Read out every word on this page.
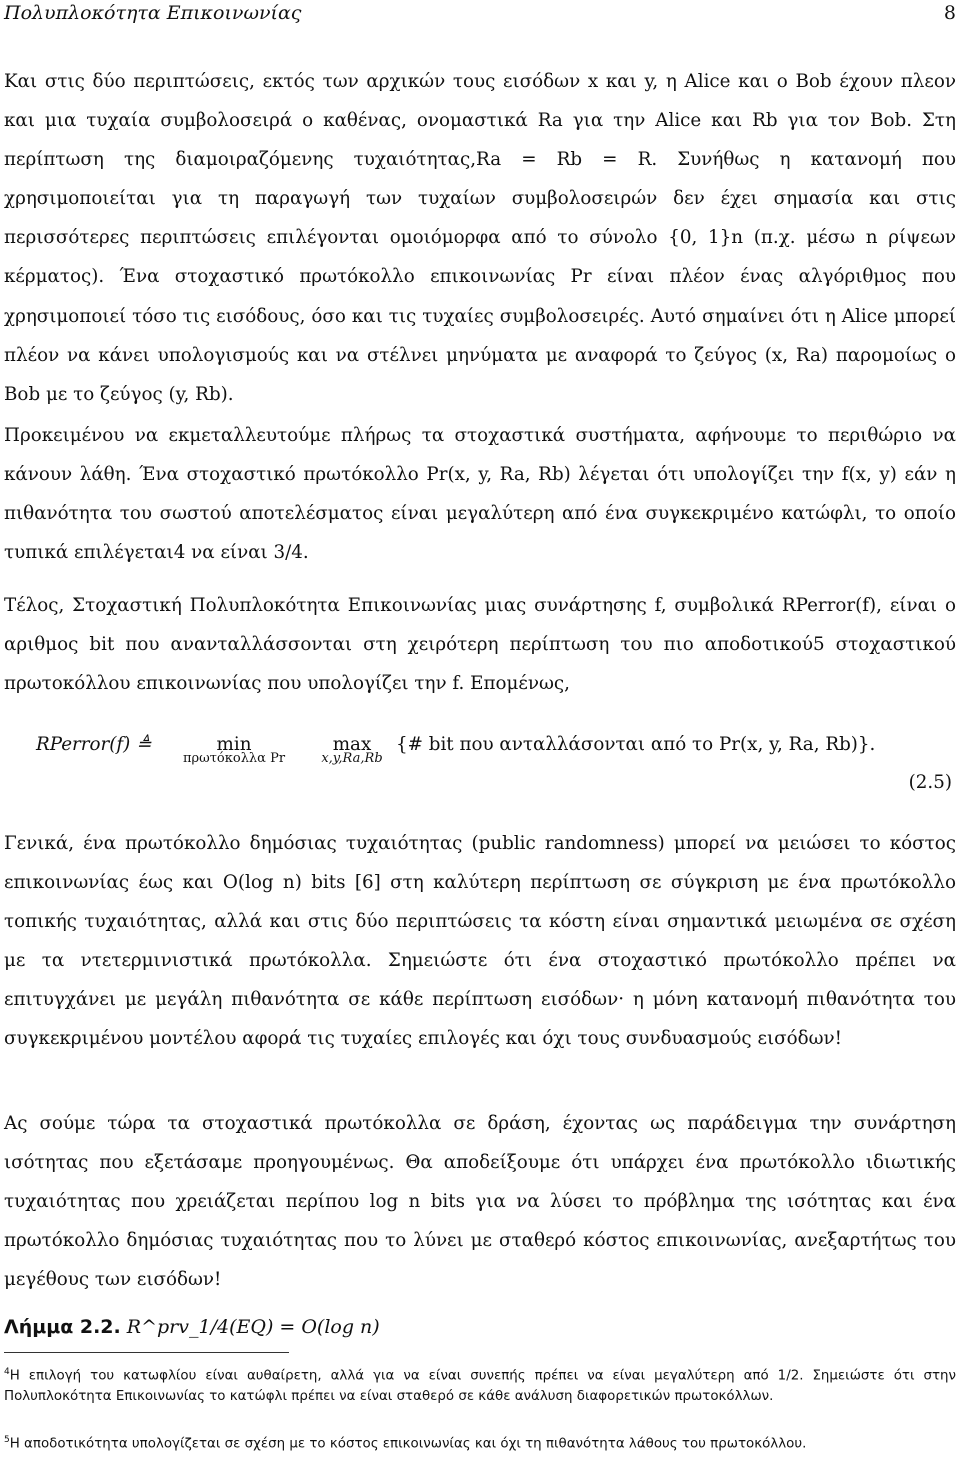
Πολυπλοκότητα Επικοινωνίας	8
Και στις δύο περιπτώσεις, εκτός των αρχικών τους εισόδων x και y, η Alice και ο Bob έχουν πλεον και μια τυχαία συμβολοσειρά ο καθένας, ονομαστικά Ra για την Alice και Rb για τον Bob. Στη περίπτωση της διαμοιραζόμενης τυχαιότητας,Ra = Rb = R. Συνήθως η κατανομή που χρησιμοποιείται για τη παραγωγή των τυχαίων συμβολοσειρών δεν έχει σημασία και στις περισσότερες περιπτώσεις επιλέγονται ομοιόμορφα από το σύνολο {0, 1}n (π.χ. μέσω n ρίψεων κέρματος). Ένα στοχαστικό πρωτόκολλο επικοινωνίας Pr είναι πλέον ένας αλγόριθμος που χρησιμοποιεί τόσο τις εισόδους, όσο και τις τυχαίες συμβολοσειρές. Αυτό σημαίνει ότι η Alice μπορεί πλέον να κάνει υπολογισμούς και να στέλνει μηνύματα με αναφορά το ζεύγος (x, Ra) παρομοίως ο Bob με το ζεύγος (y, Rb).
Προκειμένου να εκμεταλλευτούμε πλήρως τα στοχαστικά συστήματα, αφήνουμε το περιθώριο να κάνουν λάθη. Ένα στοχαστικό πρωτόκολλο Pr(x, y, Ra, Rb) λέγεται ότι υπολογίζει την f(x, y) εάν η πιθανότητα του σωστού αποτελέσματος είναι μεγαλύτερη από ένα συγκεκριμένο κατώφλι, το οποίο τυπικά επιλέγεται4 να είναι 3/4.
Τέλος, Στοχαστική Πολυπλοκότητα Επικοινωνίας μιας συνάρτησης f, συμβολικά RPerror(f), είναι ο αριθμος bit που ανανταλλάσσονται στη χειρότερη περίπτωση του πιο αποδοτικού5 στοχαστικού πρωτοκόλλου επικοινωνίας που υπολογίζει την f. Επομένως,
RPerror(f) ≜	min
πρωτόκολλα Pr
max
x,y,Ra,Rb
{# bit που ανταλλάσονται από το Pr(x, y, Ra, Rb)}.
(2.5)
Γενικά, ένα πρωτόκολλο δημόσιας τυχαιότητας (public randomness) μπορεί να μειώσει το κόστος επικοινωνίας έως και O(log n) bits [6] στη καλύτερη περίπτωση σε σύγκριση με ένα πρωτόκολλο τοπικής τυχαιότητας, αλλά και στις δύο περιπτώσεις τα κόστη είναι σημαντικά μειωμένα σε σχέση με τα ντετερμινιστικά πρωτόκολλα. Σημειώστε ότι ένα στοχαστικό πρωτόκολλο πρέπει να επιτυγχάνει με μεγάλη πιθανότητα σε κάθε περίπτωση εισόδων· η μόνη κατανομή πιθανότητα του συγκεκριμένου μοντέλου αφορά τις τυχαίες επιλογές και όχι τους συνδυασμούς εισόδων!
Ας σούμε τώρα τα στοχαστικά πρωτόκολλα σε δράση, έχοντας ως παράδειγμα την συνάρτηση ισότητας που εξετάσαμε προηγουμένως. Θα αποδείξουμε ότι υπάρχει ένα πρωτόκολλο ιδιωτικής τυχαιότητας που χρειάζεται περίπου log n bits για να λύσει το πρόβλημα της ισότητας και ένα πρωτόκολλο δημόσιας τυχαιότητας που το λύνει με σταθερό κόστος επικοινωνίας, ανεξαρτήτως του μεγέθους των εισόδων!
Λήμμα 2.2. R^prv_1/4(EQ) = O(log n)
$^4$Η επιλογή του κατωφλίου είναι αυθαίρετη, αλλά για να είναι συνεπής πρέπει να είναι μεγαλύτερη από 1/2. Σημειώστε ότι στην Πολυπλοκότητα Επικοινωνίας το κατώφλι πρέπει να είναι σταθερό σε κάθε ανάλυση διαφορετικών πρωτοκόλλων.
$^5$Η αποδοτικότητα υπολογίζεται σε σχέση με το κόστος επικοινωνίας και όχι τη πιθανότητα λάθους του πρωτοκόλλου.
